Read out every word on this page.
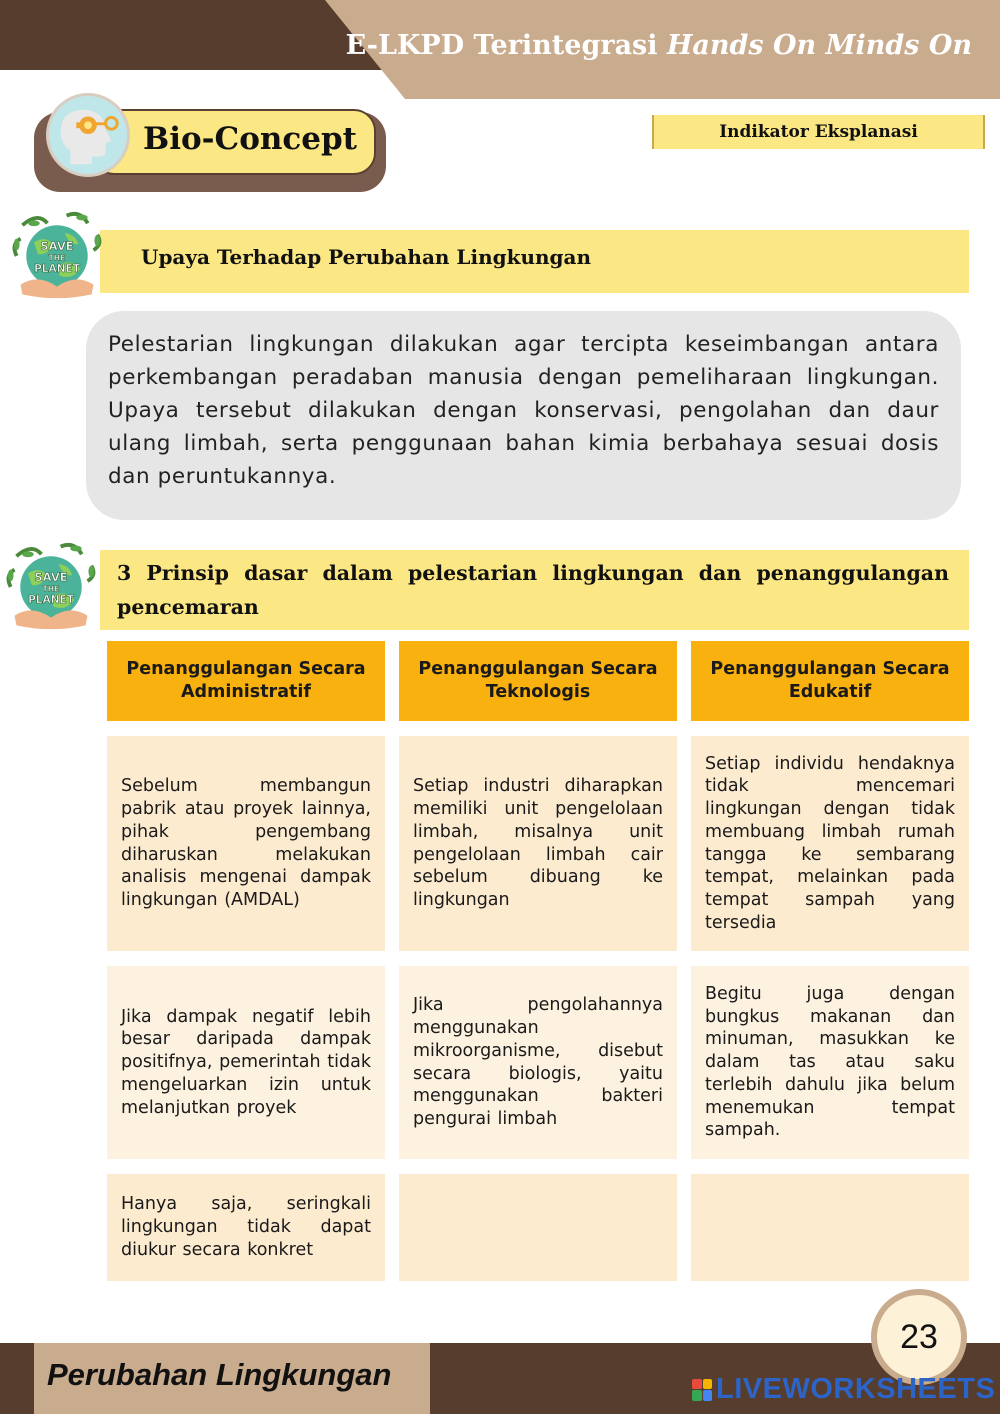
E-LKPD Terintegrasi Hands On Minds On
Bio-Concept	Indikator Eksplanasi
Upaya Terhadap Perubahan Lingkungan
SAVE
THE
PLANET
Pelestarian lingkungan dilakukan agar tercipta keseimbangan antara perkembangan peradaban manusia dengan pemeliharaan lingkungan. Upaya tersebut dilakukan dengan konservasi, pengolahan dan daur ulang limbah, serta penggunaan bahan kimia berbahaya sesuai dosis dan peruntukannya.
3 Prinsip dasar dalam pelestarian lingkungan dan penanggulangan pencemaran
SAVE
THE
PLANET
Penanggulangan Secara Administratif
Penanggulangan Secara Teknologis
Penanggulangan Secara Edukatif
Sebelum membangun pabrik atau proyek lainnya, pihak pengembang diharuskan melakukan analisis mengenai dampak lingkungan (AMDAL)
Setiap industri diharapkan memiliki unit pengelolaan limbah, misalnya unit pengelolaan limbah cair sebelum dibuang ke lingkungan
Setiap individu hendaknya tidak mencemari lingkungan dengan tidak membuang limbah rumah tangga ke sembarang tempat, melainkan pada tempat sampah yang tersedia
Jika dampak negatif lebih besar daripada dampak positifnya, pemerintah tidak mengeluarkan izin untuk melanjutkan proyek
Jika pengolahannya menggunakan mikroorganisme, disebut secara biologis, yaitu menggunakan bakteri pengurai limbah
Begitu juga dengan bungkus makanan dan minuman, masukkan ke dalam tas atau saku terlebih dahulu jika belum menemukan tempat sampah.
Hanya saja, seringkali lingkungan tidak dapat diukur secara konkret
Perubahan Lingkungan
23
LIVEWORKSHEETS
